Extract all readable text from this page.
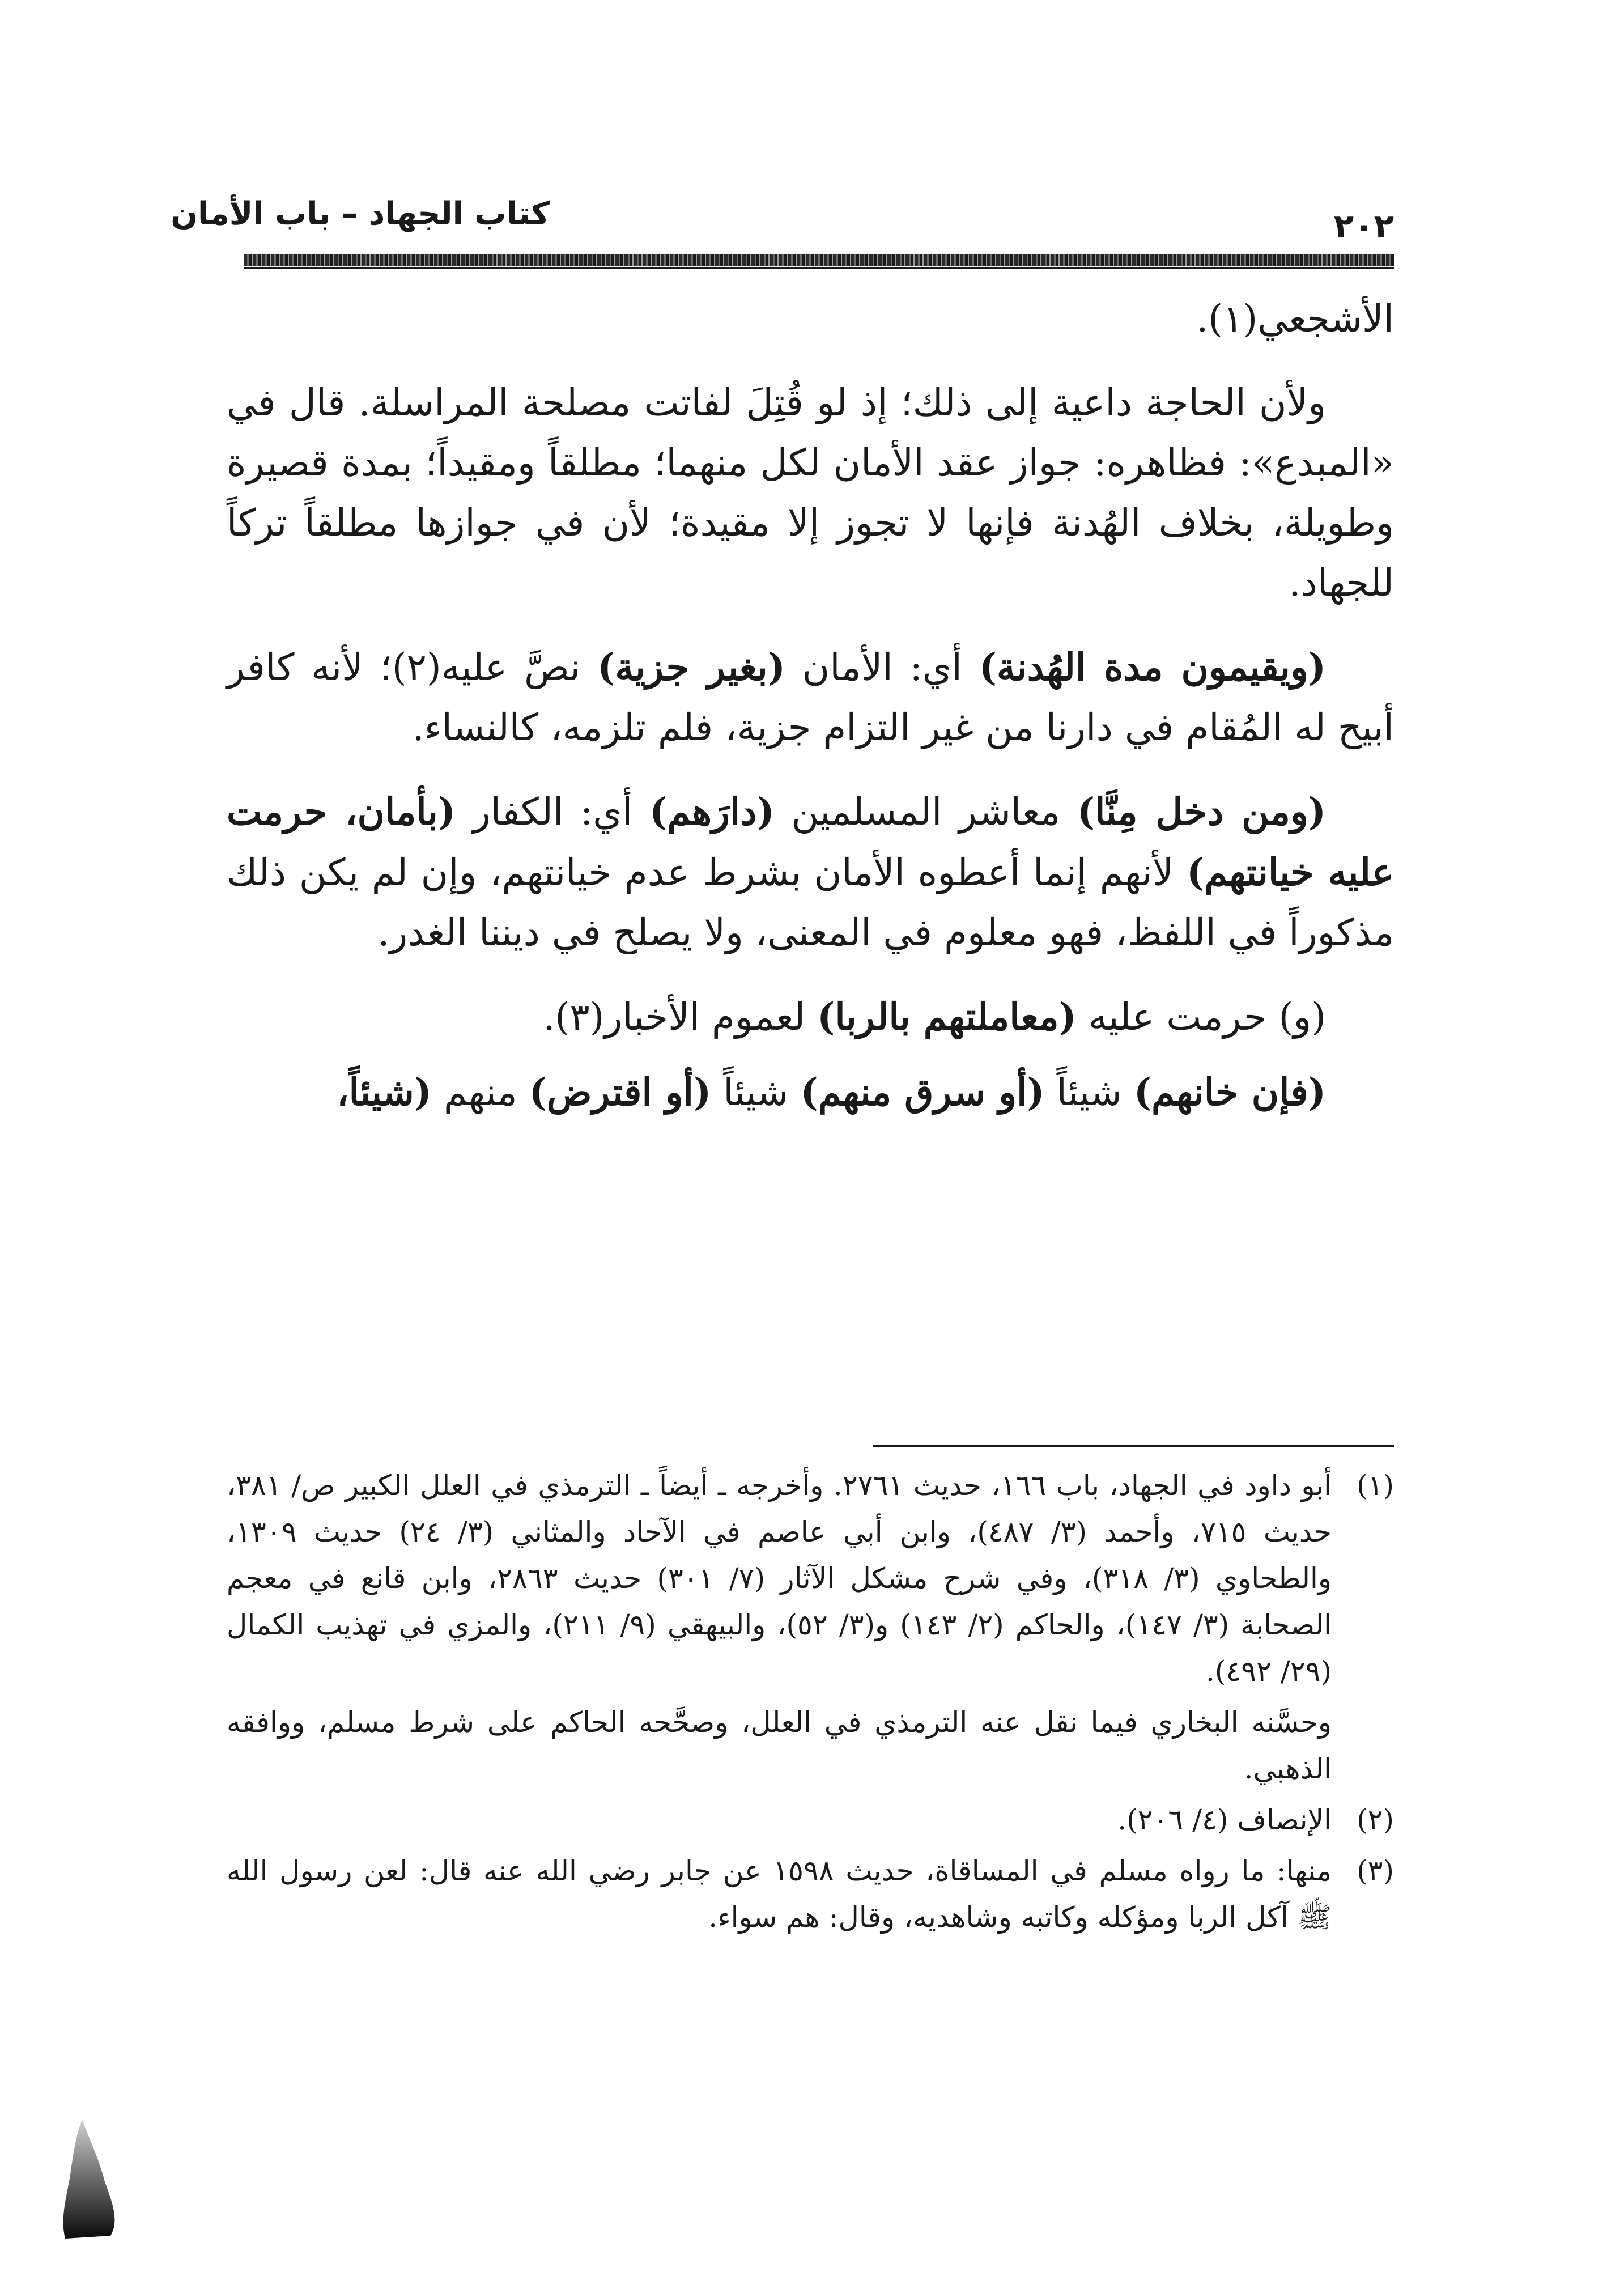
كتاب الجهاد – باب الأمان	٢٠٢

الأشجعي(١).

ولأن الحاجة داعية إلى ذلك؛ إذ لو قُتِلَ لفاتت مصلحة المراسلة. قال في «المبدع»: فظاهره: جواز عقد الأمان لكل منهما؛ مطلقاً ومقيداً؛ بمدة قصيرة وطويلة، بخلاف الهُدنة فإنها لا تجوز إلا مقيدة؛ لأن في جوازها مطلقاً تركاً للجهاد.

(ويقيمون مدة الهُدنة) أي: الأمان (بغير جزية) نصَّ عليه(٢)؛ لأنه كافر أبيح له المُقام في دارنا من غير التزام جزية، فلم تلزمه، كالنساء.

(ومن دخل مِنَّا) معاشر المسلمين (دارَهم) أي: الكفار (بأمان، حرمت عليه خيانتهم) لأنهم إنما أعطوه الأمان بشرط عدم خيانتهم، وإن لم يكن ذلك مذكوراً في اللفظ، فهو معلوم في المعنى، ولا يصلح في ديننا الغدر.

(و) حرمت عليه (معاملتهم بالربا) لعموم الأخبار(٣).

(فإن خانهم) شيئاً (أو سرق منهم) شيئاً (أو اقترض) منهم (شيئاً،

(١)
أبو داود في الجهاد، باب ١٦٦، حديث ٢٧٦١. وأخرجه ـ أيضاً ـ الترمذي في العلل الكبير ص/ ٣٨١، حديث ٧١٥، وأحمد (٣/ ٤٨٧)، وابن أبي عاصم في الآحاد والمثاني (٣/ ٢٤) حديث ١٣٠٩، والطحاوي (٣/ ٣١٨)، وفي شرح مشكل الآثار (٧/ ٣٠١) حديث ٢٨٦٣، وابن قانع في معجم الصحابة (٣/ ١٤٧)، والحاكم (٢/ ١٤٣) و(٣/ ٥٢)، والبيهقي (٩/ ٢١١)، والمزي في تهذيب الكمال (٢٩/ ٤٩٢).
وحسَّنه البخاري فيما نقل عنه الترمذي في العلل، وصحَّحه الحاكم على شرط مسلم، ووافقه الذهبي.
(٢)
الإنصاف (٤/ ٢٠٦).
(٣)
منها: ما رواه مسلم في المساقاة، حديث ١٥٩٨ عن جابر رضي الله عنه قال: لعن رسول الله ﷺ آكل الربا ومؤكله وكاتبه وشاهديه، وقال: هم سواء.
